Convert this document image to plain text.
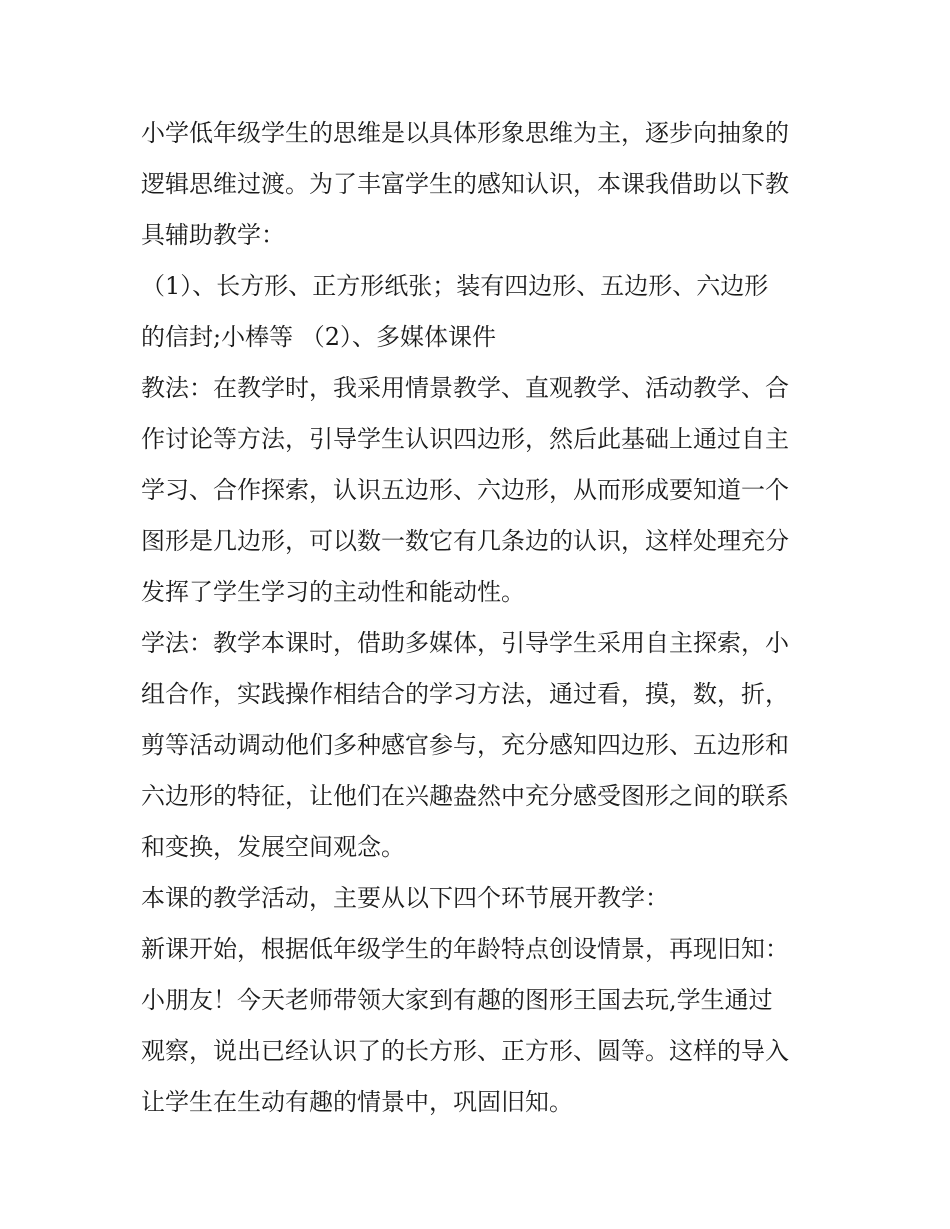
小学低年级学生的思维是以具体形象思维为主，逐步向抽象的
逻辑思维过渡。为了丰富学生的感知认识，本课我借助以下教
具辅助教学：
（1）、长方形、正方形纸张；装有四边形、五边形、六边形
的信封;小棒等 （2）、多媒体课件
教法：在教学时，我采用情景教学、直观教学、活动教学、合
作讨论等方法，引导学生认识四边形，然后此基础上通过自主
学习、合作探索，认识五边形、六边形，从而形成要知道一个
图形是几边形，可以数一数它有几条边的认识，这样处理充分
发挥了学生学习的主动性和能动性。
学法：教学本课时，借助多媒体，引导学生采用自主探索，小
组合作，实践操作相结合的学习方法，通过看，摸，数，折，
剪等活动调动他们多种感官参与，充分感知四边形、五边形和
六边形的特征，让他们在兴趣盎然中充分感受图形之间的联系
和变换，发展空间观念。
本课的教学活动，主要从以下四个环节展开教学：
新课开始，根据低年级学生的年龄特点创设情景，再现旧知：
小朋友！今天老师带领大家到有趣的图形王国去玩,学生通过
观察，说出已经认识了的长方形、正方形、圆等。这样的导入
让学生在生动有趣的情景中，巩固旧知。
